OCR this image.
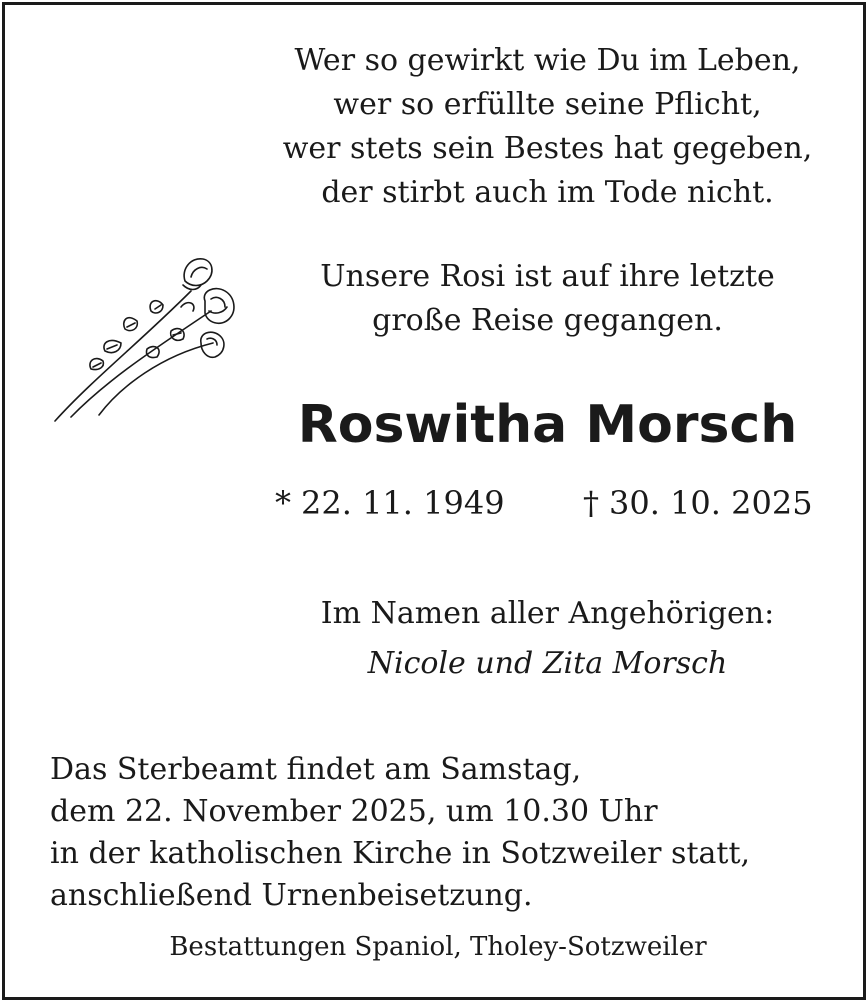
Wer so gewirkt wie Du im Leben,
wer so erfüllte seine Pflicht,
wer stets sein Bestes hat gegeben,
der stirbt auch im Tode nicht.
Unsere Rosi ist auf ihre letzte
große Reise gegangen.
Roswitha Morsch
* 22. 11. 1949 † 30. 10. 2025
Im Namen aller Angehörigen:
Nicole und Zita Morsch
Das Sterbeamt findet am Samstag,
dem 22. November 2025, um 10.30 Uhr
in der katholischen Kirche in Sotzweiler statt,
anschließend Urnenbeisetzung.
Bestattungen Spaniol, Tholey-Sotzweiler
